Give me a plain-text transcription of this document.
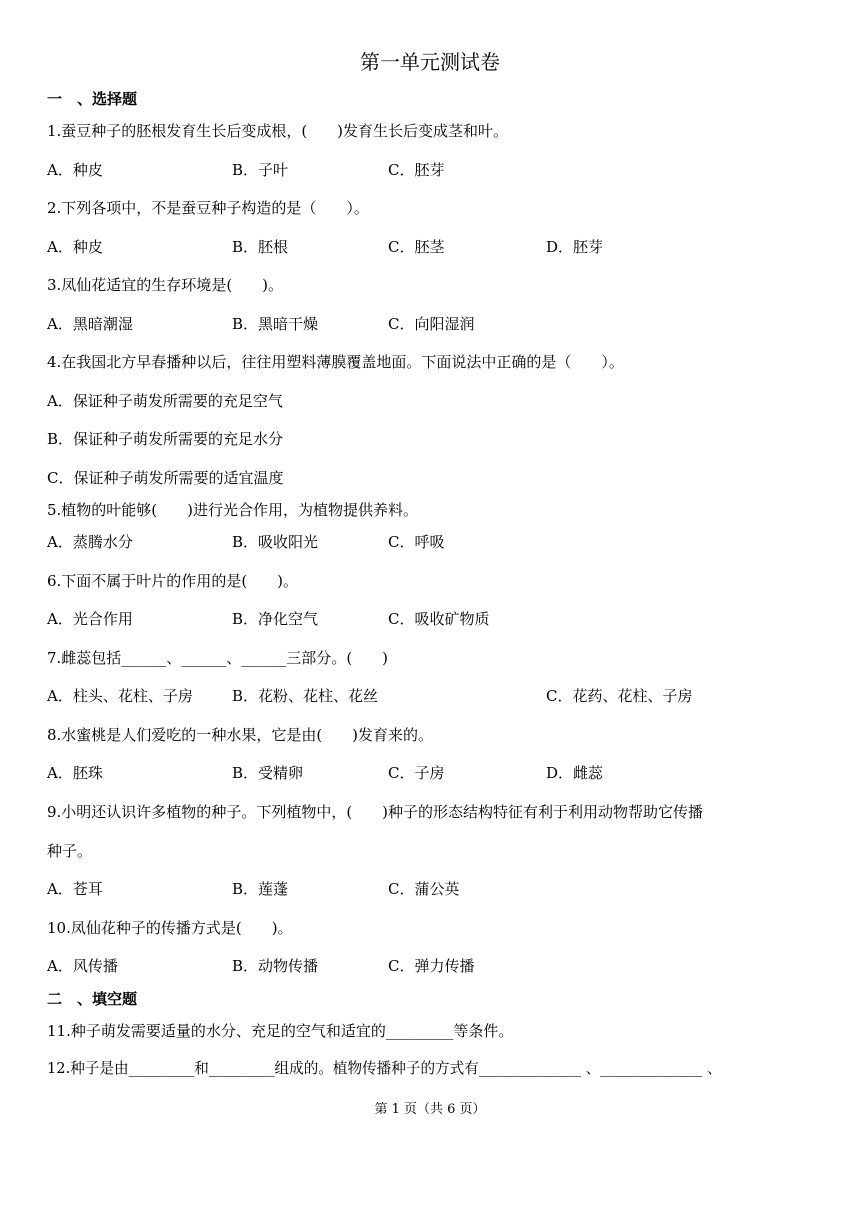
第一单元测试卷
一　、选择题
1.蚕豆种子的胚根发育生长后变成根，(　　)发育生长后变成茎和叶。
A．种皮	B．子叶	C．胚芽
2.下列各项中，不是蚕豆种子构造的是（　　）。
A．种皮	B．胚根	C．胚茎	D．胚芽
3.凤仙花适宜的生存环境是(　　)。
A．黑暗潮湿	B．黑暗干燥	C．向阳湿润
4.在我国北方早春播种以后，往往用塑料薄膜覆盖地面。下面说法中正确的是（　　）。
A．保证种子萌发所需要的充足空气
B．保证种子萌发所需要的充足水分
C．保证种子萌发所需要的适宜温度
5.植物的叶能够(　　)进行光合作用，为植物提供养料。
A．蒸腾水分	B．吸收阳光	C．呼吸
6.下面不属于叶片的作用的是(　　)。
A．光合作用	B．净化空气	C．吸收矿物质
7.雌蕊包括______、______、______三部分。(　　)
A．柱头、花柱、子房	B．花粉、花柱、花丝	C．花药、花柱、子房
8.水蜜桃是人们爱吃的一种水果，它是由(　　)发育来的。
A．胚珠	B．受精卵	C．子房	D．雌蕊
9.小明还认识许多植物的种子。下列植物中，(　　)种子的形态结构特征有利于利用动物帮助它传播
种子。
A．苍耳	B．莲蓬	C．蒲公英
10.凤仙花种子的传播方式是(　　)。
A．风传播	B．动物传播	C．弹力传播
二　、填空题
11.种子萌发需要适量的水分、充足的空气和适宜的_________等条件。
12.种子是由_________和_________组成的。植物传播种子的方式有______________ 、______________ 、
第 1 页（共 6 页）
